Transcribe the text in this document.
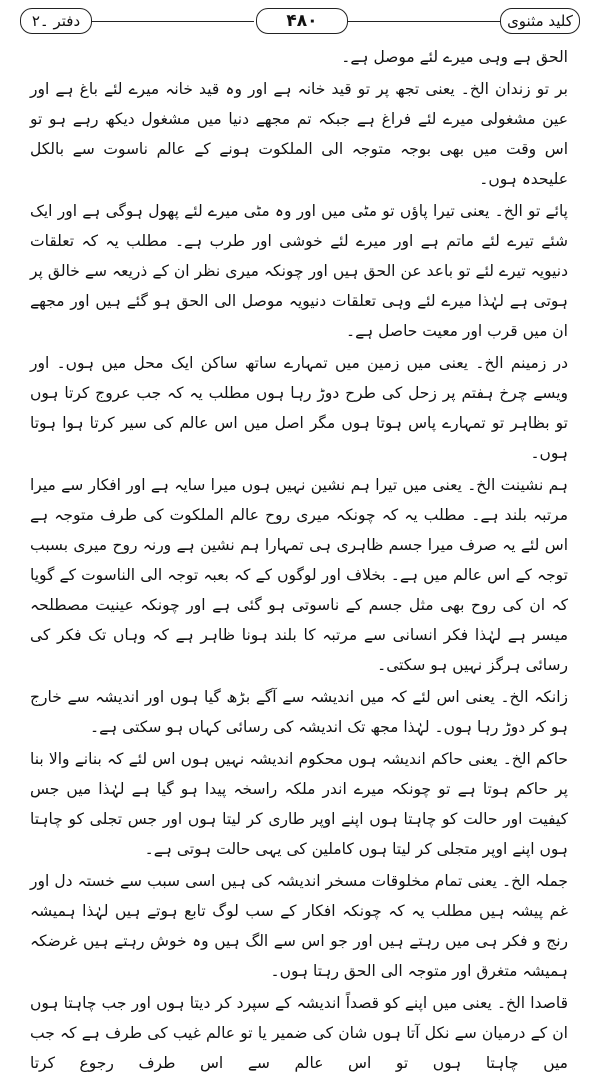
دفتر ۔۲	۴۸۰	کلید مثنوی

الحق ہے وہی میرے لئے موصل ہے۔

بر تو زندان الخ۔ یعنی تجھ پر تو قید خانہ ہے اور وہ قید خانہ میرے لئے باغ ہے اور عین مشغولی میرے لئے فراغ ہے جبکہ تم مجھے دنیا میں مشغول دیکھ رہے ہو تو اس وقت میں بھی بوجہ متوجہ الی الملکوت ہونے کے عالم ناسوت سے بالکل علیحدہ ہوں۔

پائے تو الخ۔ یعنی تیرا پاؤں تو مٹی میں اور وہ مٹی میرے لئے پھول ہوگی ہے اور ایک شئے تیرے لئے ماتم ہے اور میرے لئے خوشی اور طرب ہے۔ مطلب یہ کہ تعلقات دنیویہ تیرے لئے تو باعد عن الحق ہیں اور چونکہ میری نظر ان کے ذریعہ سے خالق پر ہوتی ہے لہٰذا میرے لئے وہی تعلقات دنیویہ موصل الی الحق ہو گئے ہیں اور مجھے ان میں قرب اور معیت حاصل ہے۔

در زمینم الخ۔ یعنی میں زمین میں تمہارے ساتھ ساکن ایک محل میں ہوں۔ اور ویسے چرخ ہفتم پر زحل کی طرح دوڑ رہا ہوں مطلب یہ کہ جب عروج کرتا ہوں تو بظاہر تو تمہارے پاس ہوتا ہوں مگر اصل میں اس عالم کی سیر کرتا ہوا ہوتا ہوں۔

ہم نشینت الخ۔ یعنی میں تیرا ہم نشین نہیں ہوں میرا سایہ ہے اور افکار سے میرا مرتبہ بلند ہے۔ مطلب یہ کہ چونکہ میری روح عالم الملکوت کی طرف متوجہ ہے اس لئے یہ صرف میرا جسم ظاہری ہی تمہارا ہم نشین ہے ورنہ روح میری بسبب توجہ کے اس عالم میں ہے۔ بخلاف اور لوگوں کے کہ بعبہ توجہ الی الناسوت کے گویا کہ ان کی روح بھی مثل جسم کے ناسوتی ہو گئی ہے اور چونکہ عینیت مصطلحہ میسر ہے لہٰذا فکر انسانی سے مرتبہ کا بلند ہونا ظاہر ہے کہ وہاں تک فکر کی رسائی ہرگز نہیں ہو سکتی۔

زانکہ الخ۔ یعنی اس لئے کہ میں اندیشہ سے آگے بڑھ گیا ہوں اور اندیشہ سے خارج ہو کر دوڑ رہا ہوں۔ لہٰذا مجھ تک اندیشہ کی رسائی کہاں ہو سکتی ہے۔

حاکم الخ۔ یعنی حاکم اندیشہ ہوں محکوم اندیشہ نہیں ہوں اس لئے کہ بنانے والا بنا پر حاکم ہوتا ہے تو چونکہ میرے اندر ملکہ راسخہ پیدا ہو گیا ہے لہٰذا میں جس کیفیت اور حالت کو چاہتا ہوں اپنے اوپر طاری کر لیتا ہوں اور جس تجلی کو چاہتا ہوں اپنے اوپر متجلی کر لیتا ہوں کاملین کی یہی حالت ہوتی ہے۔

جملہ الخ۔ یعنی تمام مخلوقات مسخر اندیشہ کی ہیں اسی سبب سے خستہ دل اور غم پیشہ ہیں مطلب یہ کہ چونکہ افکار کے سب لوگ تابع ہوتے ہیں لہٰذا ہمیشہ رنج و فکر ہی میں رہتے ہیں اور جو اس سے الگ ہیں وہ خوش رہتے ہیں غرضکہ ہمیشہ متغرق اور متوجہ الی الحق رہتا ہوں۔

قاصدا الخ۔ یعنی میں اپنے کو قصداً اندیشہ کے سپرد کر دیتا ہوں اور جب چاہتا ہوں ان کے درمیان سے نکل آتا ہوں شان کی ضمیر یا تو عالم غیب کی طرف ہے کہ جب میں چاہتا ہوں تو اس عالم سے اس طرف رجوع کرتا
